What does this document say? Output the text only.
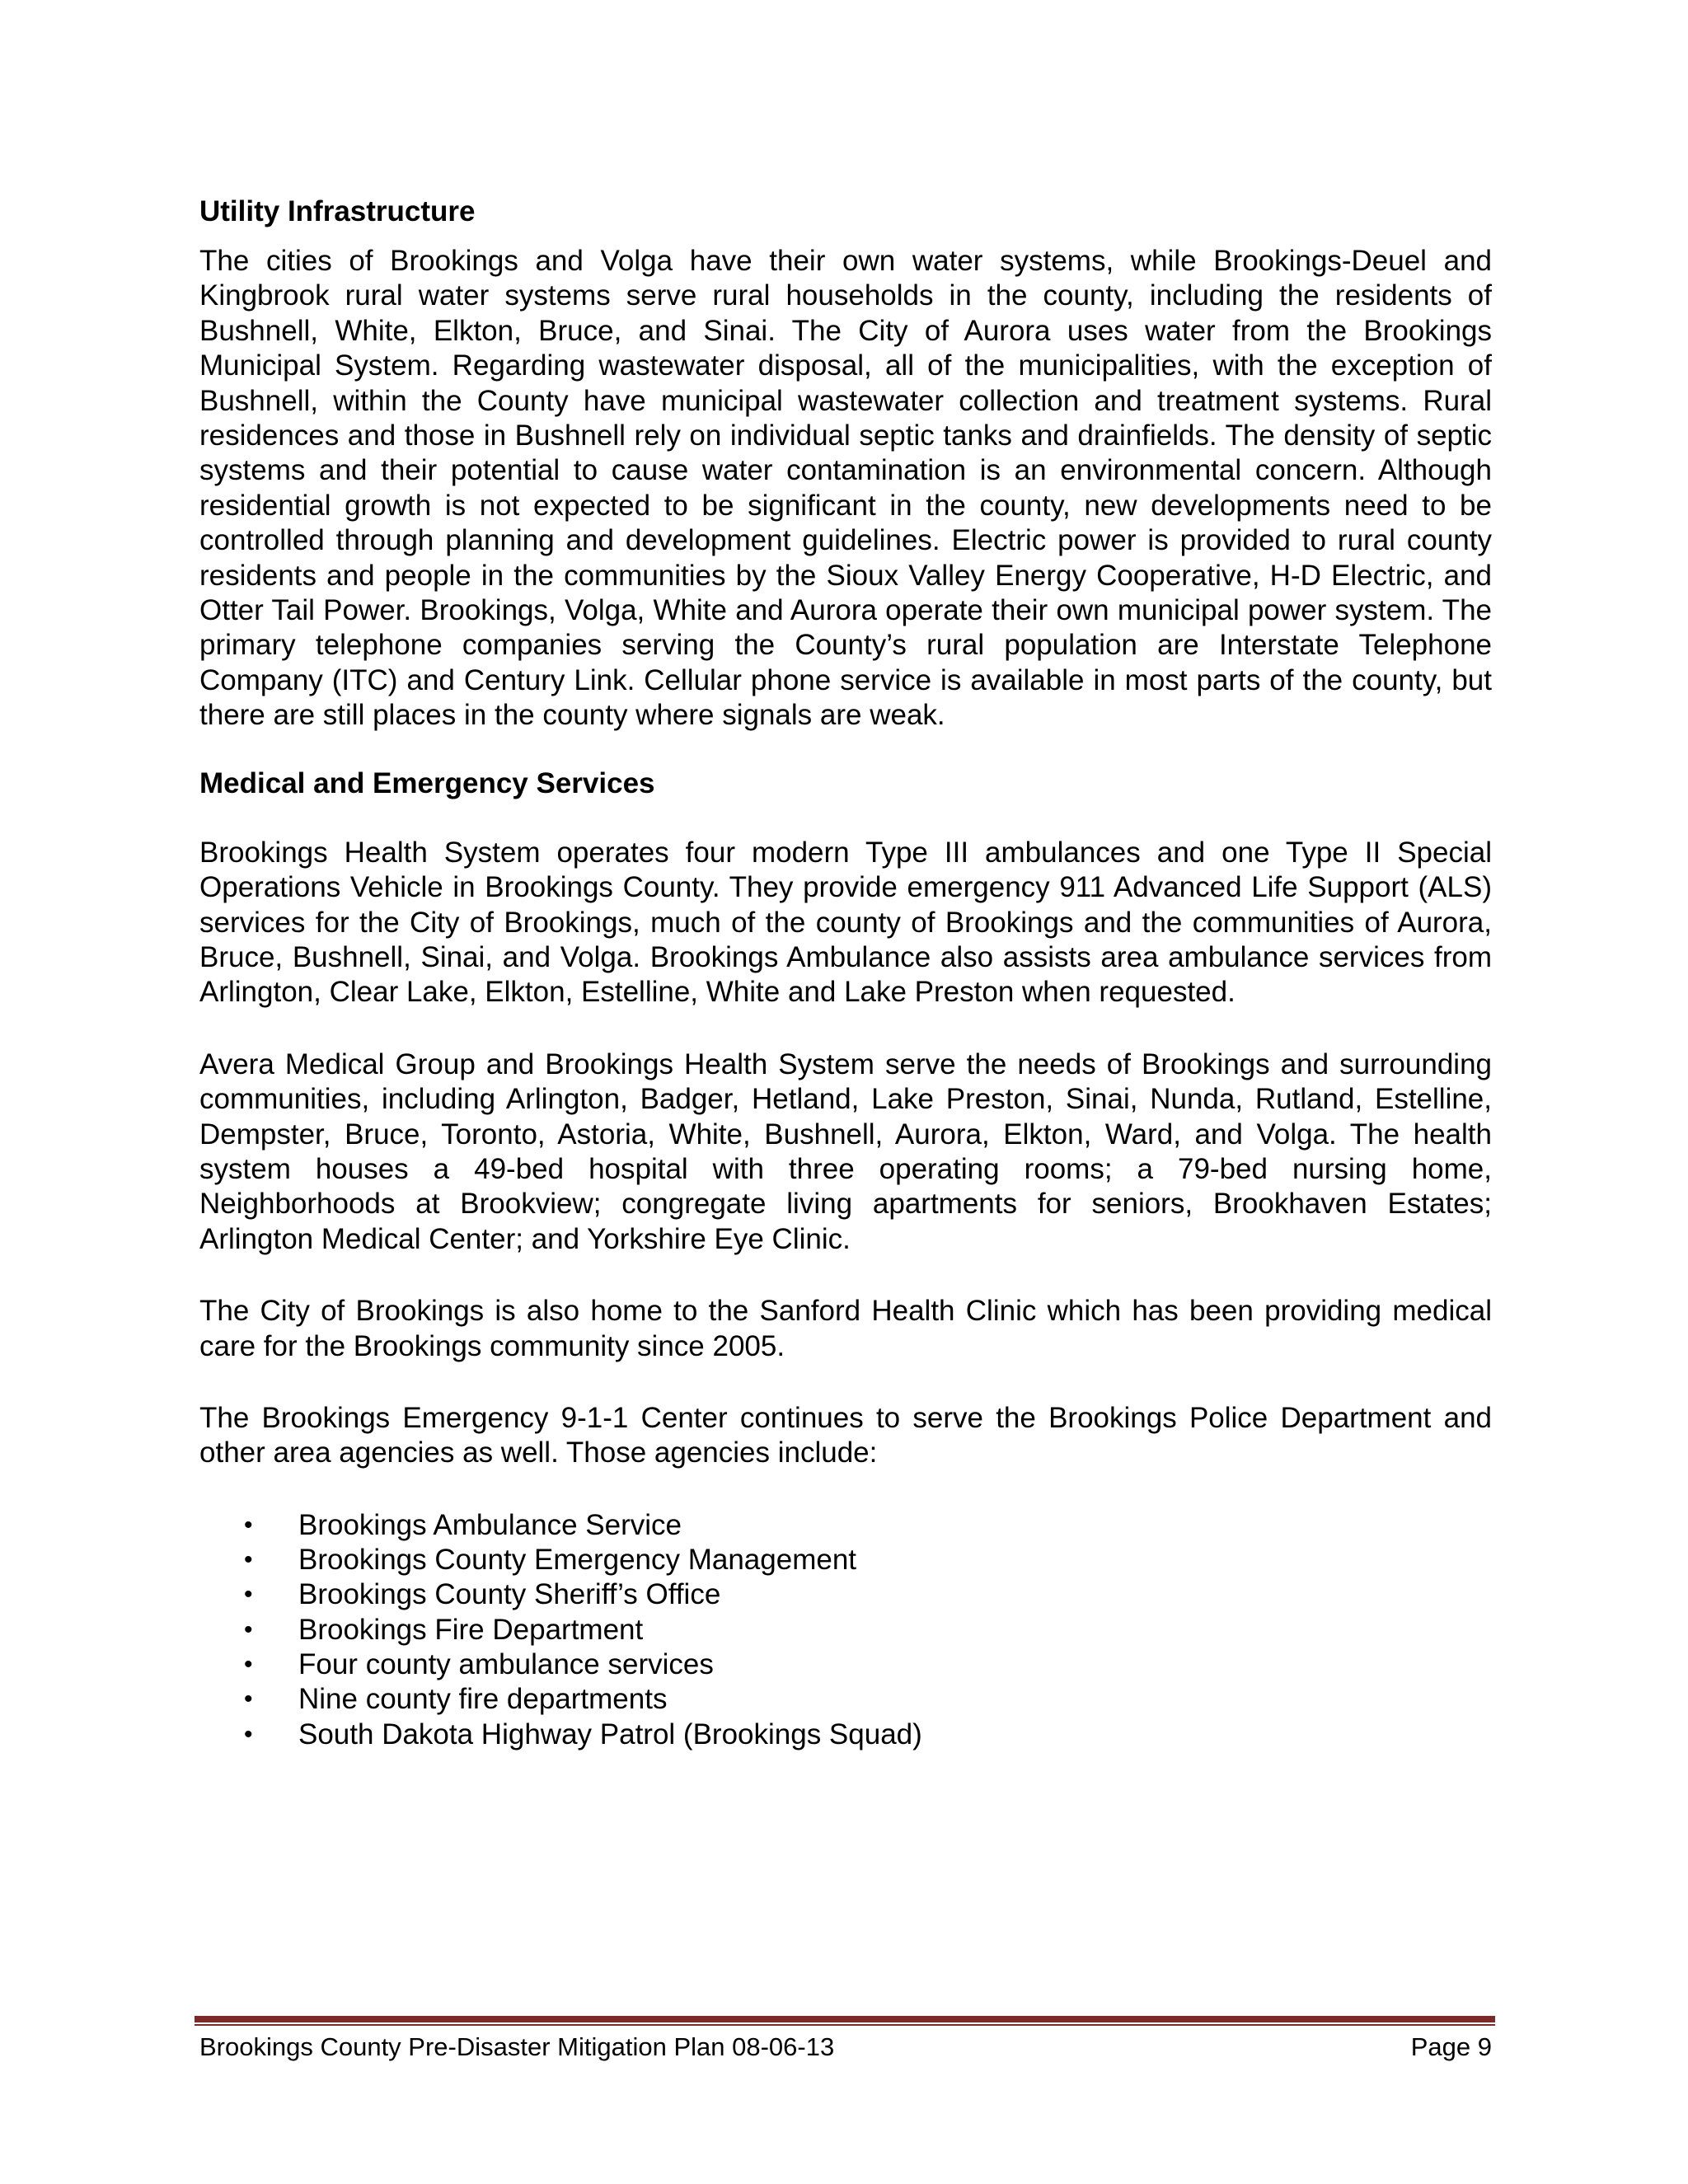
Utility Infrastructure

The cities of Brookings and Volga have their own water systems, while Brookings-Deuel and Kingbrook rural water systems serve rural households in the county, including the residents of Bushnell, White, Elkton, Bruce, and Sinai. The City of Aurora uses water from the Brookings Municipal System. Regarding wastewater disposal, all of the municipalities, with the exception of Bushnell, within the County have municipal wastewater collection and treatment systems. Rural residences and those in Bushnell rely on individual septic tanks and drainfields. The density of septic systems and their potential to cause water contamination is an environmental concern. Although residential growth is not expected to be significant in the county, new developments need to be controlled through planning and development guidelines. Electric power is provided to rural county residents and people in the communities by the Sioux Valley Energy Cooperative, H-D Electric, and Otter Tail Power. Brookings, Volga, White and Aurora operate their own municipal power system. The primary telephone companies serving the County’s rural population are Interstate Telephone Company (ITC) and Century Link. Cellular phone service is available in most parts of the county, but there are still places in the county where signals are weak.

Medical and Emergency Services

Brookings Health System operates four modern Type III ambulances and one Type II Special Operations Vehicle in Brookings County. They provide emergency 911 Advanced Life Support (ALS) services for the City of Brookings, much of the county of Brookings and the communities of Aurora, Bruce, Bushnell, Sinai, and Volga. Brookings Ambulance also assists area ambulance services from Arlington, Clear Lake, Elkton, Estelline, White and Lake Preston when requested.

Avera Medical Group and Brookings Health System serve the needs of Brookings and surrounding communities, including Arlington, Badger, Hetland, Lake Preston, Sinai, Nunda, Rutland, Estelline, Dempster, Bruce, Toronto, Astoria, White, Bushnell, Aurora, Elkton, Ward, and Volga. The health system houses a 49-bed hospital with three operating rooms; a 79-bed nursing home, Neighborhoods at Brookview; congregate living apartments for seniors, Brookhaven Estates; Arlington Medical Center; and Yorkshire Eye Clinic.

The City of Brookings is also home to the Sanford Health Clinic which has been providing medical care for the Brookings community since 2005.

The Brookings Emergency 9-1-1 Center continues to serve the Brookings Police Department and other area agencies as well. Those agencies include:

• Brookings Ambulance Service
• Brookings County Emergency Management
• Brookings County Sheriff’s Office
• Brookings Fire Department
• Four county ambulance services
• Nine county fire departments
• South Dakota Highway Patrol (Brookings Squad)
Brookings County Pre-Disaster Mitigation Plan 08-06-13	Page 9
